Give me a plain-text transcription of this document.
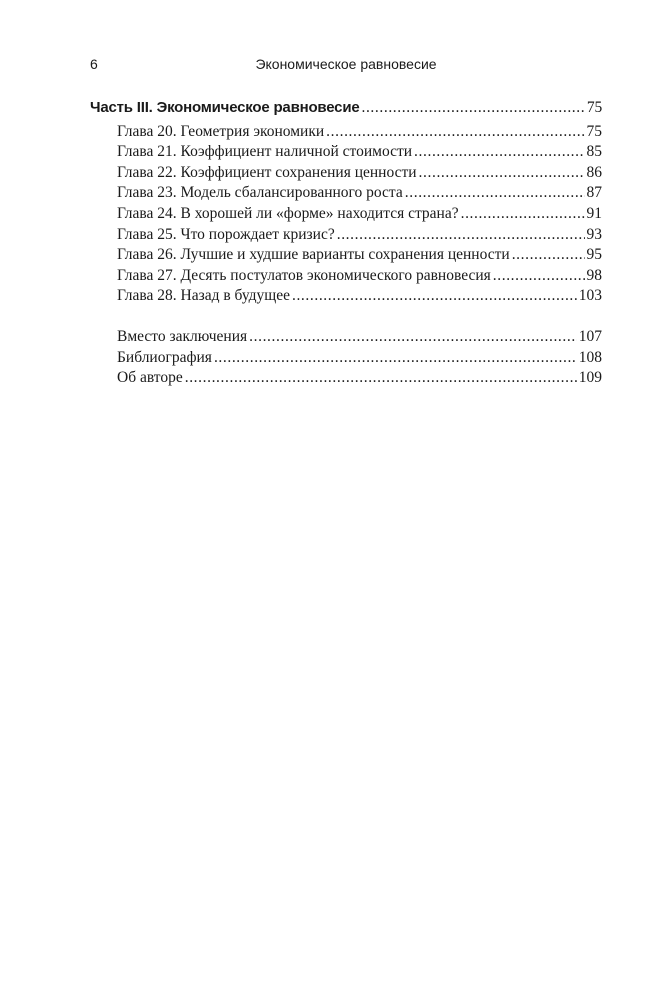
6	Экономическое равновесие
Часть III. Экономическое равновесие .....	75
Глава 20. Геометрия экономики .....	75
Глава 21. Коэффициент наличной стоимости .....	85
Глава 22. Коэффициент сохранения ценности .....	86
Глава 23. Модель сбалансированного роста .....	87
Глава 24. В хорошей ли «форме» находится страна? .....	91
Глава 25. Что порождает кризис? .....	93
Глава 26. Лучшие и худшие варианты сохранения ценности .....	95
Глава 27. Десять постулатов экономического равновесия .....	98
Глава 28. Назад в будущее .....	103
Вместо заключения .....	107
Библиография .....	108
Об авторе .....	109
